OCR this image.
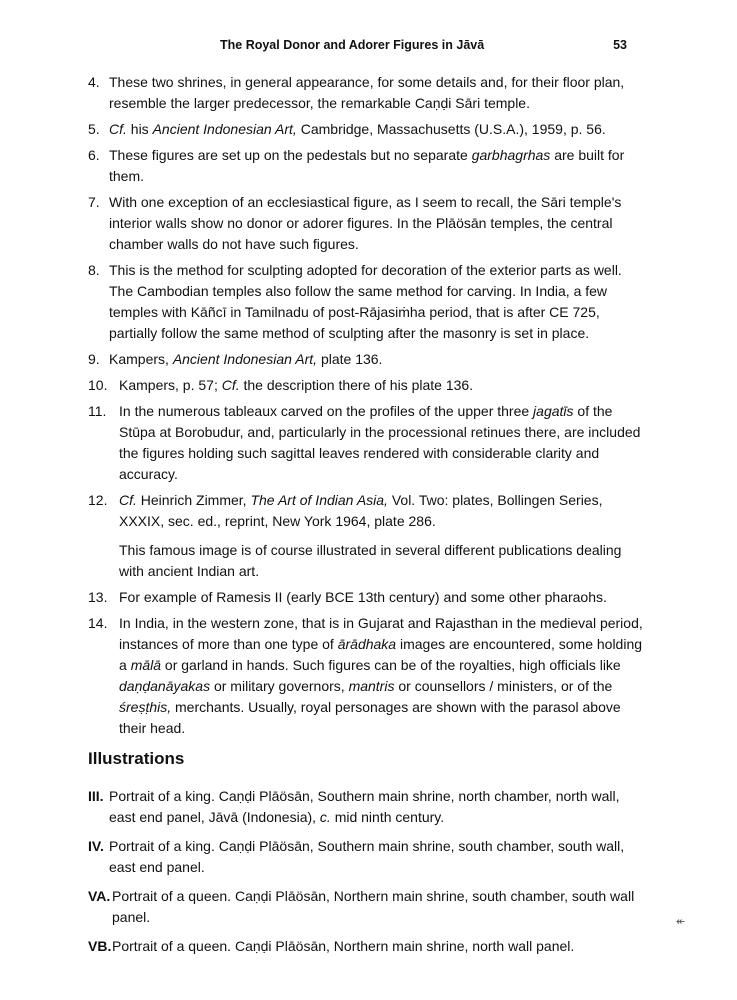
The Royal Donor and Adorer Figures in Jāvā	53
4. These two shrines, in general appearance, for some details and, for their floor plan, resemble the larger predecessor, the remarkable Caṇḍi Sāri temple.

5. Cf. his Ancient Indonesian Art, Cambridge, Massachusetts (U.S.A.), 1959, p. 56.

6. These figures are set up on the pedestals but no separate garbhagrhas are built for them.

7. With one exception of an ecclesiastical figure, as I seem to recall, the Sāri temple's interior walls show no donor or adorer figures. In the Plāösān temples, the central chamber walls do not have such figures.

8. This is the method for sculpting adopted for decoration of the exterior parts as well. The Cambodian temples also follow the same method for carving. In India, a few temples with Kāñcī in Tamilnadu of post-Rājasiṁha period, that is after CE 725, partially follow the same method of sculpting after the masonry is set in place.

9. Kampers, Ancient Indonesian Art, plate 136.

10. Kampers, p. 57; Cf. the description there of his plate 136.

11. In the numerous tableaux carved on the profiles of the upper three jagatīs of the Stūpa at Borobudur, and, particularly in the processional retinues there, are included the figures holding such sagittal leaves rendered with considerable clarity and accuracy.

12. Cf. Heinrich Zimmer, The Art of Indian Asia, Vol. Two: plates, Bollingen Series, XXXIX, sec. ed., reprint, New York 1964, plate 286.

This famous image is of course illustrated in several different publications dealing with ancient Indian art.

13. For example of Ramesis II (early BCE 13th century) and some other pharaohs.

14. In India, in the western zone, that is in Gujarat and Rajasthan in the medieval period, instances of more than one type of ārādhaka images are encountered, some holding a mālā or garland in hands. Such figures can be of the royalties, high officials like daṇḍanāyakas or military governors, mantris or counsellors / ministers, or of the śreṣṭhis, merchants. Usually, royal personages are shown with the parasol above their head.

Illustrations
III. Portrait of a king. Caṇḍi Plāösān, Southern main shrine, north chamber, north wall, east end panel, Jāvā (Indonesia), c. mid ninth century.

IV. Portrait of a king. Caṇḍi Plāösān, Southern main shrine, south chamber, south wall, east end panel.

VA. Portrait of a queen. Caṇḍi Plāösān, Northern main shrine, south chamber, south wall panel.

VB. Portrait of a queen. Caṇḍi Plāösān, Northern main shrine, north wall panel.

↞
